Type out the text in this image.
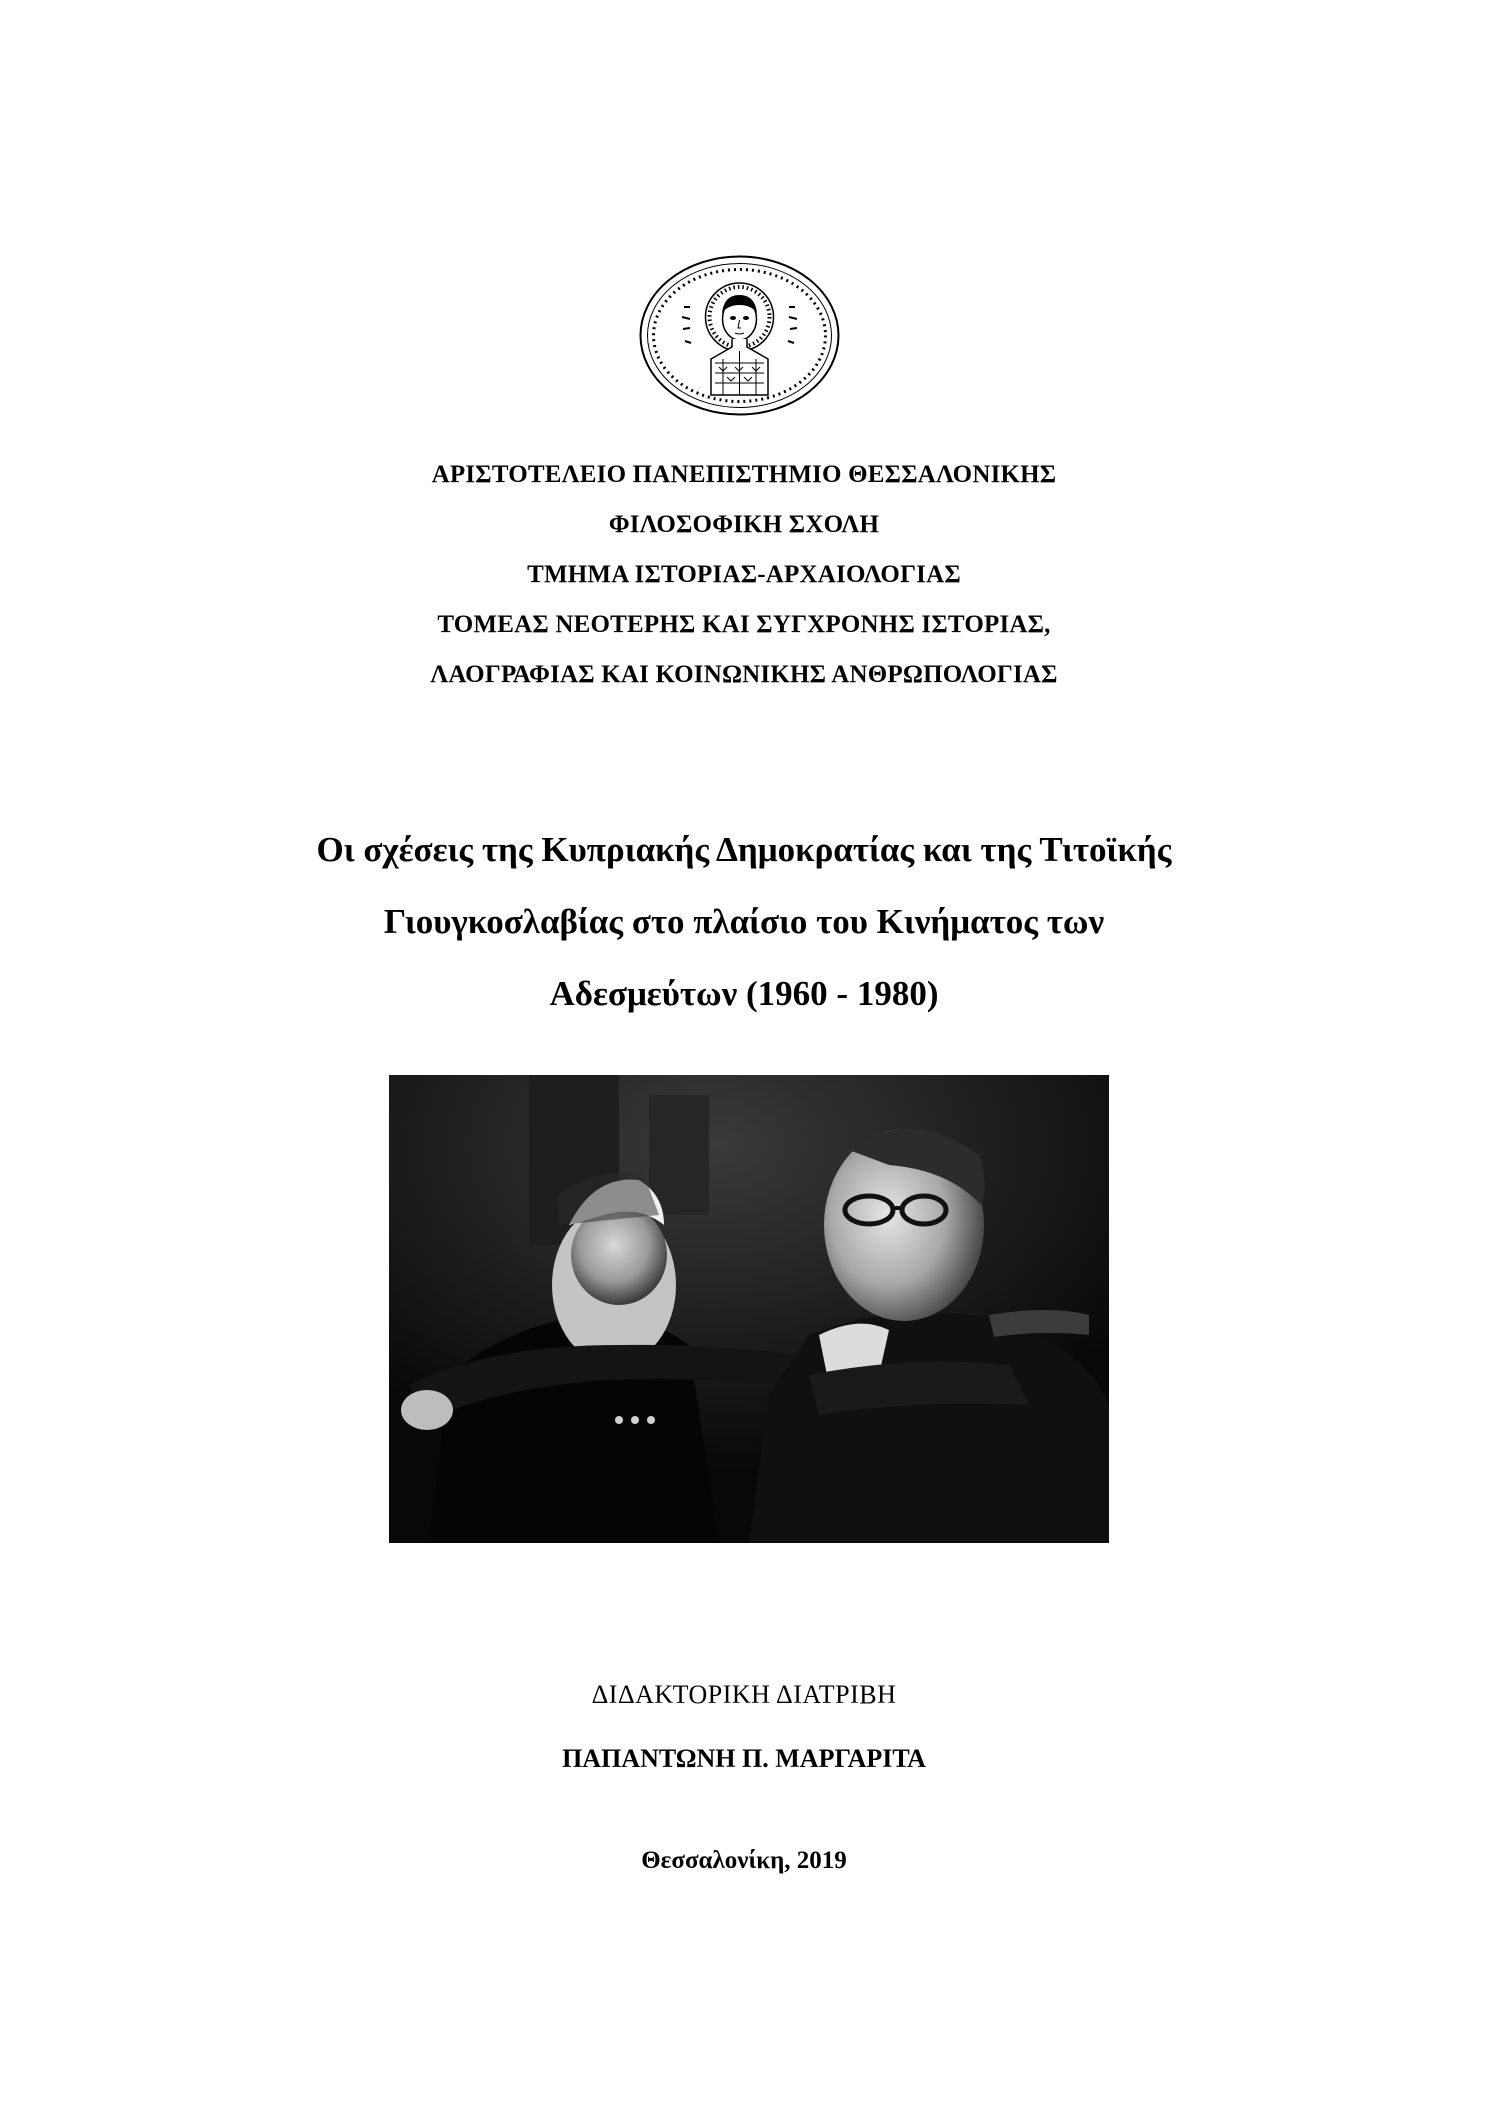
ΑΡΙΣΤΟΤΕΛΕΙΟ ΠΑΝΕΠΙΣΤΗΜΙΟ ΘΕΣΣΑΛΟΝΙΚΗΣ
ΦΙΛΟΣΟΦΙΚΗ ΣΧΟΛΗ
ΤΜΗΜΑ ΙΣΤΟΡΙΑΣ-ΑΡΧΑΙΟΛΟΓΙΑΣ
ΤΟΜΕΑΣ ΝΕΟΤΕΡΗΣ ΚΑΙ ΣΥΓΧΡΟΝΗΣ ΙΣΤΟΡΙΑΣ,
ΛΑΟΓΡΑΦΙΑΣ ΚΑΙ ΚΟΙΝΩΝΙΚΗΣ ΑΝΘΡΩΠΟΛΟΓΙΑΣ
Οι σχέσεις της Κυπριακής Δημοκρατίας και της Τιτοϊκής
Γιουγκοσλαβίας στο πλαίσιο του Κινήματος των
Αδεσμεύτων (1960 - 1980)
ΔΙΔΑΚΤΟΡΙΚΗ ΔΙΑΤΡΙΒΗ
ΠΑΠΑΝΤΩΝΗ Π. ΜΑΡΓΑΡΙΤΑ
Θεσσαλονίκη, 2019
